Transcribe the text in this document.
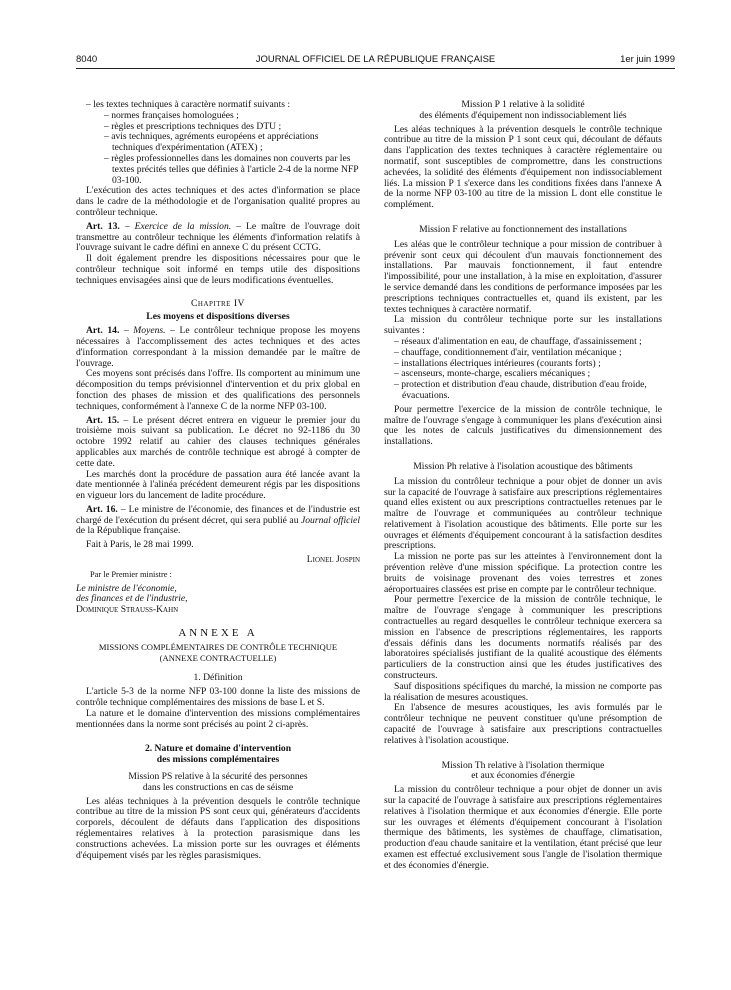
8040	JOURNAL OFFICIEL DE LA RÉPUBLIQUE FRANÇAISE	1er juin 1999
– les textes techniques à caractère normatif suivants :
– normes françaises homologuées ;
– règles et prescriptions techniques des DTU ;
– avis techniques, agréments européens et appréciations techniques d'expérimentation (ATEX) ;
– règles professionnelles dans les domaines non couverts par les textes précités telles que définies à l'article 2-4 de la norme NFP 03-100.

L'exécution des actes techniques et des actes d'information se place dans le cadre de la méthodologie et de l'organisation qualité propres au contrôleur technique.

Art. 13. – Exercice de la mission. – Le maître de l'ouvrage doit transmettre au contrôleur technique les éléments d'information relatifs à l'ouvrage suivant le cadre défini en annexe C du présent CCTG.

Il doit également prendre les dispositions nécessaires pour que le contrôleur technique soit informé en temps utile des dispositions techniques envisagées ainsi que de leurs modifications éventuelles.

Chapitre IV

Les moyens et dispositions diverses

Art. 14. – Moyens. – Le contrôleur technique propose les moyens nécessaires à l'accomplissement des actes techniques et des actes d'information correspondant à la mission demandée par le maître de l'ouvrage.

Ces moyens sont précisés dans l'offre. Ils comportent au minimum une décomposition du temps prévisionnel d'intervention et du prix global en fonction des phases de mission et des qualifications des personnels techniques, conformément à l'annexe C de la norme NFP 03-100.

Art. 15. – Le présent décret entrera en vigueur le premier jour du troisième mois suivant sa publication. Le décret no 92-1186 du 30 octobre 1992 relatif au cahier des clauses techniques générales applicables aux marchés de contrôle technique est abrogé à compter de cette date.

Les marchés dont la procédure de passation aura été lancée avant la date mentionnée à l'alinéa précédent demeurent régis par les dispositions en vigueur lors du lancement de ladite procédure.

Art. 16. – Le ministre de l'économie, des finances et de l'industrie est chargé de l'exécution du présent décret, qui sera publié au Journal officiel de la République française.

Fait à Paris, le 28 mai 1999.

Lionel Jospin

Par le Premier ministre :

Le ministre de l'économie,

des finances et de l'industrie,

Dominique Strauss-Kahn

ANNEXE A

MISSIONS COMPLÉMENTAIRES DE CONTRÔLE TECHNIQUE

(ANNEXE CONTRACTUELLE)

1. Définition

L'article 5-3 de la norme NFP 03-100 donne la liste des missions de contrôle technique complémentaires des missions de base L et S.

La nature et le domaine d'intervention des missions complémentaires mentionnées dans la norme sont précisés au point 2 ci-après.

2. Nature et domaine d'intervention

des missions complémentaires

Mission PS relative à la sécurité des personnes

dans les constructions en cas de séisme

Les aléas techniques à la prévention desquels le contrôle technique contribue au titre de la mission PS sont ceux qui, générateurs d'accidents corporels, découlent de défauts dans l'application des dispositions réglementaires relatives à la protection parasismique dans les constructions achevées. La mission porte sur les ouvrages et éléments d'équipement visés par les règles parasismiques.

Mission P 1 relative à la solidité

des éléments d'équipement non indissociablement liés

Les aléas techniques à la prévention desquels le contrôle technique contribue au titre de la mission P 1 sont ceux qui, découlant de défauts dans l'application des textes techniques à caractère réglementaire ou normatif, sont susceptibles de compromettre, dans les constructions achevées, la solidité des éléments d'équipement non indissociablement liés. La mission P 1 s'exerce dans les conditions fixées dans l'annexe A de la norme NFP 03-100 au titre de la mission L dont elle constitue le complément.

Mission F relative au fonctionnement des installations

Les aléas que le contrôleur technique a pour mission de contribuer à prévenir sont ceux qui découlent d'un mauvais fonctionnement des installations. Par mauvais fonctionnement, il faut entendre l'impossibilité, pour une installation, à la mise en exploitation, d'assurer le service demandé dans les conditions de performance imposées par les prescriptions techniques contractuelles et, quand ils existent, par les textes techniques à caractère normatif.

La mission du contrôleur technique porte sur les installations suivantes :

– réseaux d'alimentation en eau, de chauffage, d'assainissement ;
– chauffage, conditionnement d'air, ventilation mécanique ;
– installations électriques intérieures (courants forts) ;
– ascenseurs, monte-charge, escaliers mécaniques ;
– protection et distribution d'eau chaude, distribution d'eau froide, évacuations.

Pour permettre l'exercice de la mission de contrôle technique, le maître de l'ouvrage s'engage à communiquer les plans d'exécution ainsi que les notes de calculs justificatives du dimensionnement des installations.

Mission Ph relative à l'isolation acoustique des bâtiments

La mission du contrôleur technique a pour objet de donner un avis sur la capacité de l'ouvrage à satisfaire aux prescriptions réglementaires quand elles existent ou aux prescriptions contractuelles retenues par le maître de l'ouvrage et communiquées au contrôleur technique relativement à l'isolation acoustique des bâtiments. Elle porte sur les ouvrages et éléments d'équipement concourant à la satisfaction desdites prescriptions.

La mission ne porte pas sur les atteintes à l'environnement dont la prévention relève d'une mission spécifique. La protection contre les bruits de voisinage provenant des voies terrestres et zones aéroportuaires classées est prise en compte par le contrôleur technique.

Pour permettre l'exercice de la mission de contrôle technique, le maître de l'ouvrage s'engage à communiquer les prescriptions contractuelles au regard desquelles le contrôleur technique exercera sa mission en l'absence de prescriptions réglementaires, les rapports d'essais définis dans les documents normatifs réalisés par des laboratoires spécialisés justifiant de la qualité acoustique des éléments particuliers de la construction ainsi que les études justificatives des constructeurs.

Sauf dispositions spécifiques du marché, la mission ne comporte pas la réalisation de mesures acoustiques.

En l'absence de mesures acoustiques, les avis formulés par le contrôleur technique ne peuvent constituer qu'une présomption de capacité de l'ouvrage à satisfaire aux prescriptions contractuelles relatives à l'isolation acoustique.

Mission Th relative à l'isolation thermique

et aux économies d'énergie

La mission du contrôleur technique a pour objet de donner un avis sur la capacité de l'ouvrage à satisfaire aux prescriptions réglementaires relatives à l'isolation thermique et aux économies d'énergie. Elle porte sur les ouvrages et éléments d'équipement concourant à l'isolation thermique des bâtiments, les systèmes de chauffage, climatisation, production d'eau chaude sanitaire et la ventilation, étant précisé que leur examen est effectué exclusivement sous l'angle de l'isolation thermique et des économies d'énergie.
